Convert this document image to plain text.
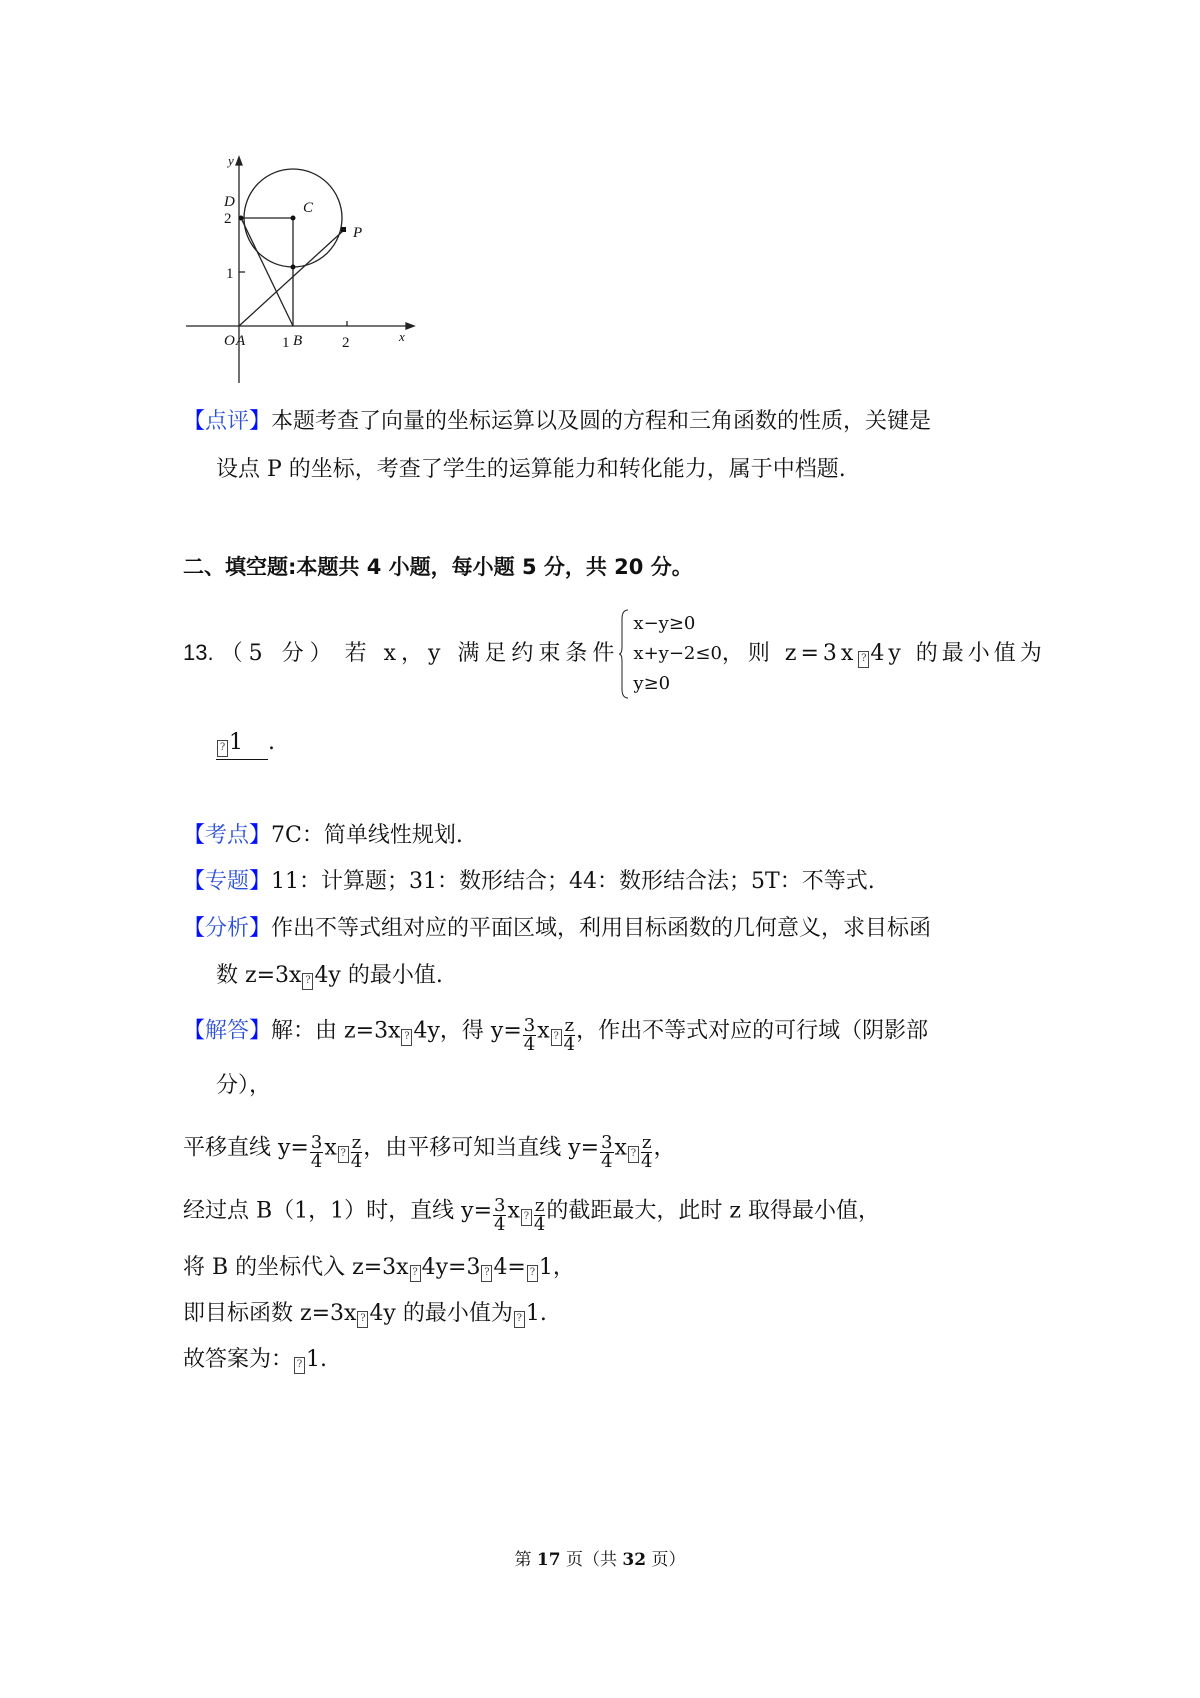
y
x
D
2
1
C
P
O A 1 B	2
【点评】本题考查了向量的坐标运算以及圆的方程和三角函数的性质，关键是
设点 P 的坐标，考查了学生的运算能力和转化能力，属于中档题.
二、填空题:本题共 4 小题，每小题 5 分，共 20 分。
13. （5 分） 若 x，y 满足约束条件
x−y≥0
x+y−2≤0
y≥0
，则 z=3x ? 4y 的最小值为
? 1 .
【考点】7C：简单线性规划.
【专题】11：计算题；31：数形结合；44：数形结合法；5T：不等式.
【分析】作出不等式组对应的平面区域，利用目标函数的几何意义，求目标函
数 z=3x ? 4y 的最小值.
【解答】解：由 z=3x ? 4y，得 $y= \frac{3}{4}$ x ? $\frac{z}{4}$ ，作出不等式对应的可行域（阴影部
分），
平移直线 $y= \frac{3}{4}$ x ? $\frac{z}{4}$ ，由平移可知当直线 $y= \frac{3}{4}$ x ? $\frac{z}{4}$ ，
经过点 B（1，1）时，直线 $y= \frac{3}{4}$ x ? $\frac{z}{4}$ 的截距最大，此时 z 取得最小值，
将 B 的坐标代入 z=3x ? 4y=3 ? 4= ? 1，
即目标函数 z=3x ? 4y 的最小值为 ? 1.
故答案为： ? 1.
第 17 页（共 32 页）
